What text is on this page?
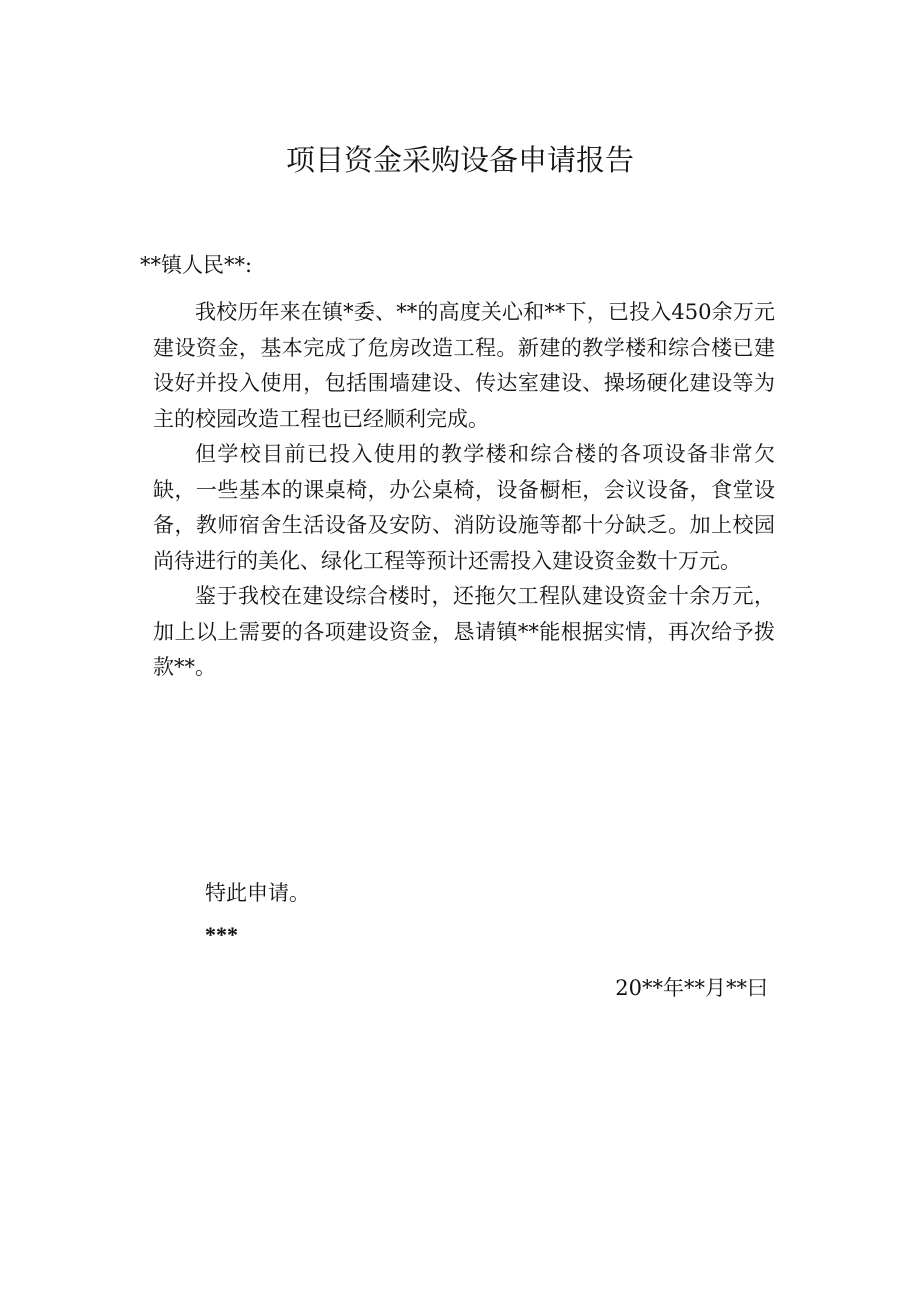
项目资金采购设备申请报告
**镇人民**:

我校历年来在镇*委、**的高度关心和**下，已投入450余万元建设资金，基本完成了危房改造工程。新建的教学楼和综合楼已建设好并投入使用，包括围墙建设、传达室建设、操场硬化建设等为主的校园改造工程也已经顺利完成。

但学校目前已投入使用的教学楼和综合楼的各项设备非常欠缺，一些基本的课桌椅，办公桌椅，设备橱柜，会议设备，食堂设备，教师宿舍生活设备及安防、消防设施等都十分缺乏。加上校园尚待进行的美化、绿化工程等预计还需投入建设资金数十万元。

鉴于我校在建设综合楼时，还拖欠工程队建设资金十余万元，加上以上需要的各项建设资金，恳请镇**能根据实情，再次给予拨款**。

特此申请。
***
20**年**月**曰
